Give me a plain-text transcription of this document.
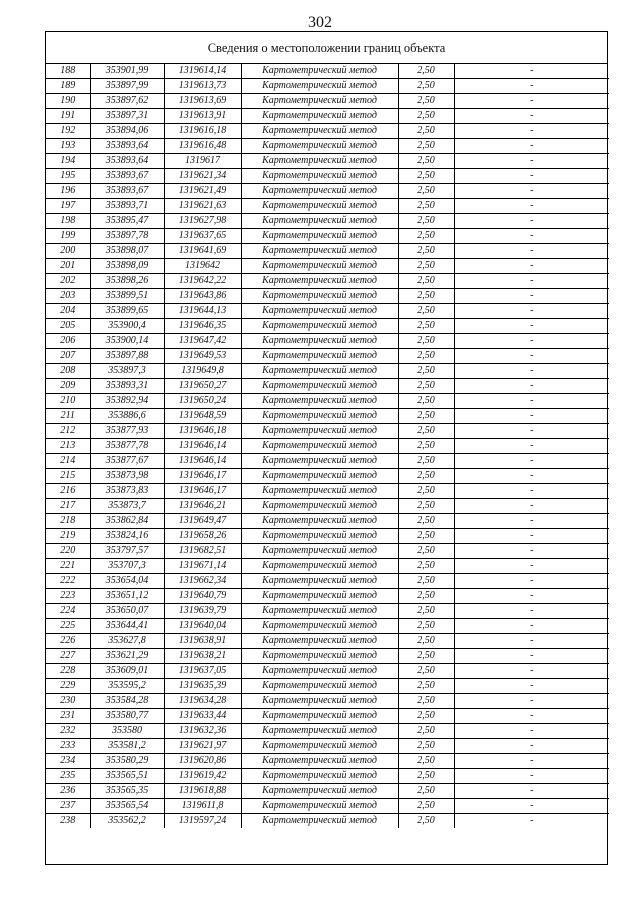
302
Сведения о местоположении границ объекта
188	353901,99	1319614,14	Картометрический метод	2,50	-
189	353897,99	1319613,73	Картометрический метод	2,50	-
190	353897,62	1319613,69	Картометрический метод	2,50	-
191	353897,31	1319613,91	Картометрический метод	2,50	-
192	353894,06	1319616,18	Картометрический метод	2,50	-
193	353893,64	1319616,48	Картометрический метод	2,50	-
194	353893,64	1319617	Картометрический метод	2,50	-
195	353893,67	1319621,34	Картометрический метод	2,50	-
196	353893,67	1319621,49	Картометрический метод	2,50	-
197	353893,71	1319621,63	Картометрический метод	2,50	-
198	353895,47	1319627,98	Картометрический метод	2,50	-
199	353897,78	1319637,65	Картометрический метод	2,50	-
200	353898,07	1319641,69	Картометрический метод	2,50	-
201	353898,09	1319642	Картометрический метод	2,50	-
202	353898,26	1319642,22	Картометрический метод	2,50	-
203	353899,51	1319643,86	Картометрический метод	2,50	-
204	353899,65	1319644,13	Картометрический метод	2,50	-
205	353900,4	1319646,35	Картометрический метод	2,50	-
206	353900,14	1319647,42	Картометрический метод	2,50	-
207	353897,88	1319649,53	Картометрический метод	2,50	-
208	353897,3	1319649,8	Картометрический метод	2,50	-
209	353893,31	1319650,27	Картометрический метод	2,50	-
210	353892,94	1319650,24	Картометрический метод	2,50	-
211	353886,6	1319648,59	Картометрический метод	2,50	-
212	353877,93	1319646,18	Картометрический метод	2,50	-
213	353877,78	1319646,14	Картометрический метод	2,50	-
214	353877,67	1319646,14	Картометрический метод	2,50	-
215	353873,98	1319646,17	Картометрический метод	2,50	-
216	353873,83	1319646,17	Картометрический метод	2,50	-
217	353873,7	1319646,21	Картометрический метод	2,50	-
218	353862,84	1319649,47	Картометрический метод	2,50	-
219	353824,16	1319658,26	Картометрический метод	2,50	-
220	353797,57	1319682,51	Картометрический метод	2,50	-
221	353707,3	1319671,14	Картометрический метод	2,50	-
222	353654,04	1319662,34	Картометрический метод	2,50	-
223	353651,12	1319640,79	Картометрический метод	2,50	-
224	353650,07	1319639,79	Картометрический метод	2,50	-
225	353644,41	1319640,04	Картометрический метод	2,50	-
226	353627,8	1319638,91	Картометрический метод	2,50	-
227	353621,29	1319638,21	Картометрический метод	2,50	-
228	353609,01	1319637,05	Картометрический метод	2,50	-
229	353595,2	1319635,39	Картометрический метод	2,50	-
230	353584,28	1319634,28	Картометрический метод	2,50	-
231	353580,77	1319633,44	Картометрический метод	2,50	-
232	353580	1319632,36	Картометрический метод	2,50	-
233	353581,2	1319621,97	Картометрический метод	2,50	-
234	353580,29	1319620,86	Картометрический метод	2,50	-
235	353565,51	1319619,42	Картометрический метод	2,50	-
236	353565,35	1319618,88	Картометрический метод	2,50	-
237	353565,54	1319611,8	Картометрический метод	2,50	-
238	353562,2	1319597,24	Картометрический метод	2,50	-
